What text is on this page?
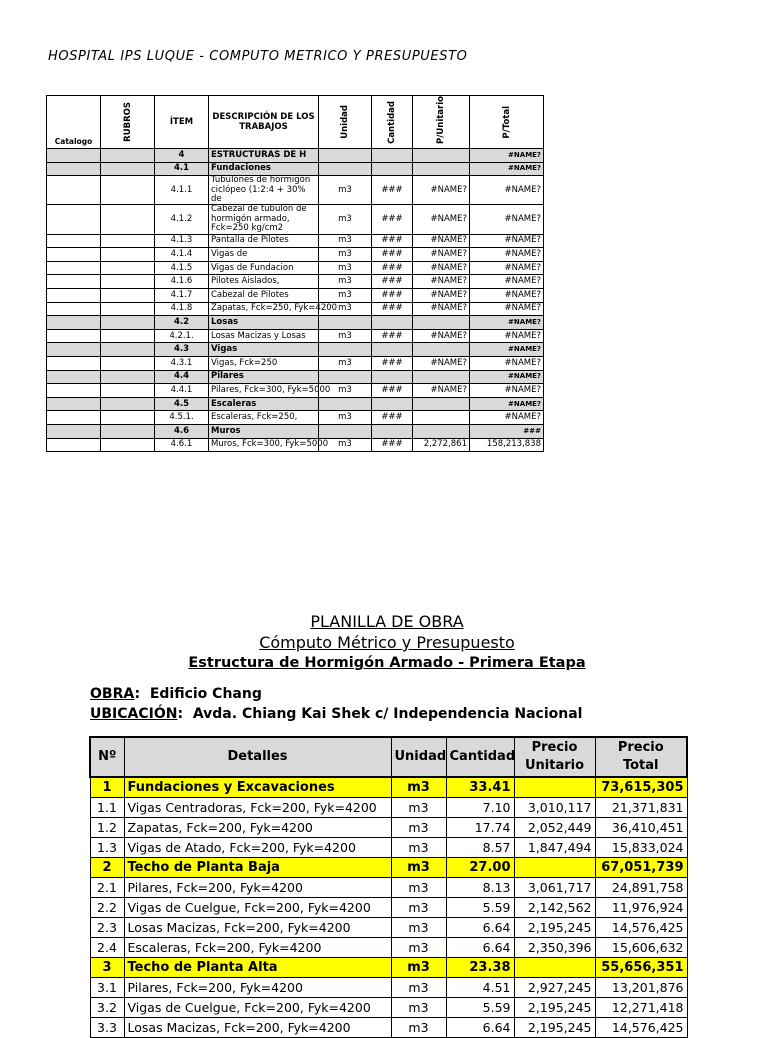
HOSPITAL IPS LUQUE - COMPUTO METRICO Y PRESUPUESTO
Catalogo	RUBROS	ÍTEM	DESCRIPCIÓN DE LOS TRABAJOS	Unidad	Cantidad	P/Unitario	P/Total

		4	ESTRUCTURAS DE H				#NAME?
		4.1	Fundaciones				#NAME?
		4.1.1	Tubulones de hormigón ciclópeo (1:2:4 + 30% de	m3	###	#NAME?	#NAME?
		4.1.2	Cabezal de tubulón de hormigón armado, Fck=250 kg/cm2	m3	###	#NAME?	#NAME?
		4.1.3	Pantalla de Pilotes	m3	###	#NAME?	#NAME?
		4.1.4	Vigas de	m3	###	#NAME?	#NAME?
		4.1.5	Vigas de Fundacion	m3	###	#NAME?	#NAME?
		4.1.6	Pilotes Aislados,	m3	###	#NAME?	#NAME?
		4.1.7	Cabezal de Pilotes	m3	###	#NAME?	#NAME?
		4.1.8	Zapatas, Fck=250, Fyk=4200	m3	###	#NAME?	#NAME?
		4.2	Losas				#NAME?
		4.2.1.	Losas Macizas y Losas	m3	###	#NAME?	#NAME?
		4.3	Vigas				#NAME?
		4.3.1	Vigas, Fck=250	m3	###	#NAME?	#NAME?
		4.4	Pilares				#NAME?
		4.4.1	Pilares, Fck=300, Fyk=5000	m3	###	#NAME?	#NAME?
		4.5	Escaleras				#NAME?
		4.5.1.	Escaleras, Fck=250,	m3	###		#NAME?
		4.6	Muros				###
		4.6.1	Muros, Fck=300, Fyk=5000	m3	###	2,272,861	158,213,838
PLANILLA DE OBRA
Cómputo Métrico y Presupuesto
Estructura de Hormigón Armado - Primera Etapa
OBRA:  Edificio Chang
UBICACIÓN:  Avda. Chiang Kai Shek c/ Independencia Nacional
Nº	Detalles	Unidad	Cantidad	Precio Unitario	Precio Total
1	Fundaciones y Excavaciones	m3	33.41		73,615,305
1.1	Vigas Centradoras, Fck=200, Fyk=4200	m3	7.10	3,010,117	21,371,831
1.2	Zapatas, Fck=200, Fyk=4200	m3	17.74	2,052,449	36,410,451
1.3	Vigas de Atado, Fck=200, Fyk=4200	m3	8.57	1,847,494	15,833,024
2	Techo de Planta Baja	m3	27.00		67,051,739
2.1	Pilares, Fck=200, Fyk=4200	m3	8.13	3,061,717	24,891,758
2.2	Vigas de Cuelgue, Fck=200, Fyk=4200	m3	5.59	2,142,562	11,976,924
2.3	Losas Macizas, Fck=200, Fyk=4200	m3	6.64	2,195,245	14,576,425
2.4	Escaleras, Fck=200, Fyk=4200	m3	6.64	2,350,396	15,606,632
3	Techo de Planta Alta	m3	23.38		55,656,351
3.1	Pilares, Fck=200, Fyk=4200	m3	4.51	2,927,245	13,201,876
3.2	Vigas de Cuelgue, Fck=200, Fyk=4200	m3	5.59	2,195,245	12,271,418
3.3	Losas Macizas, Fck=200, Fyk=4200	m3	6.64	2,195,245	14,576,425
